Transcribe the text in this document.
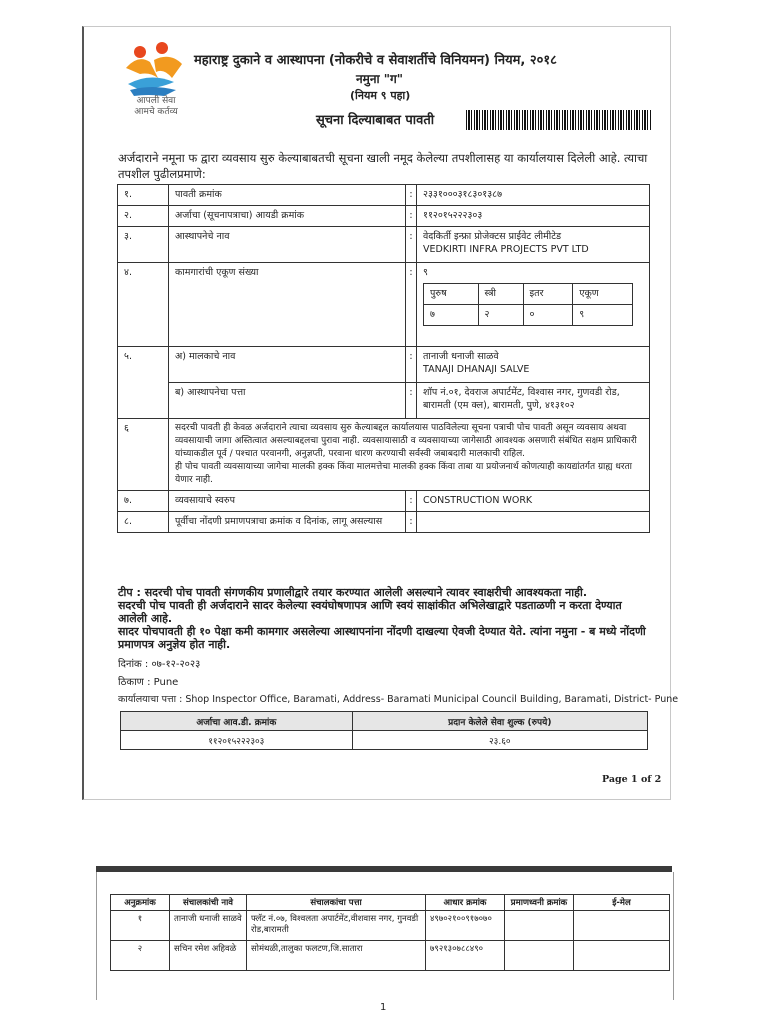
आपली सेवा
आमचे कर्तव्य
महाराष्ट्र दुकाने व आस्थापना (नोकरीचे व सेवाशर्तीचे विनियमन) नियम, २०१८
नमुना "ग"
(नियम ९ पहा)
सूचना दिल्याबाबत पावती
अर्जदाराने नमूना फ द्वारा व्यवसाय सुरु केल्याबाबतची सूचना खाली नमूद केलेल्या तपशीलासह या कार्यालयास दिलेली आहे. त्याचा तपशील पुढीलप्रमाणे:
१.	पावती क्रमांक	:	२३३१०००३१८३०१३८७
२.	अर्जाचा (सूचनापत्राचा) आयडी क्रमांक	:	११२०१५२२२३०३
३.	आस्थापनेचे नाव	:	वेदकिर्ती इन्फ्रा प्रोजेक्टस प्राईवेट लीमीटेड
VEDKIRTI INFRA PROJECTS PVT LTD

४.	कामगारांची एकूण संख्या	:	९
पुरुष	स्त्री	इतर	एकूण
७	२	०	९

५.	अ) मालकाचे नाव	:	तानाजी धनाजी साळवे
TANAJI DHANAJI SALVE

ब) आस्थापनेचा पत्ता	:	शॉप नं.०१, देवराज अपार्टमेंट, विश्वास नगर, गुणवडी रोड, बारामती (एम क्ल), बारामती, पुणे, ४१३१०२
६	सदरची पावती ही केवळ अर्जदाराने त्याचा व्यवसाय सुरु केल्याबद्दल कार्यालयास पाठविलेल्या सूचना पत्राची पोच पावती असून व्यवसाय अथवा व्यवसायाची जागा अस्तित्वात असल्याबद्दलचा पुरावा नाही. व्यवसायासाठी व व्यवसायाच्या जागेसाठी आवश्यक असणारी संबंधित सक्षम प्राधिकारी यांच्याकडील पूर्व / पश्चात परवानगी, अनुज्ञप्ती, परवाना धारण करण्याची सर्वस्वी जबाबदारी मालकाची राहिल.
ही पोच पावती व्यवसायाच्या जागेचा मालकी हक्क किंवा मालमत्तेचा मालकी हक्क किंवा ताबा या प्रयोजनार्थ कोणत्याही कायद्यांतर्गत ग्राह्य धरता येणार नाही.

७.	व्यवसायाचे स्वरुप	:	CONSTRUCTION WORK
८.	पूर्वीचा नोंदणी प्रमाणपत्राचा क्रमांक व दिनांक, लागू असल्यास	:	
टीप : सदरची पोच पावती संगणकीय प्रणालीद्वारे तयार करण्यात आलेली असल्याने त्यावर स्वाक्षरीची आवश्यकता नाही.
सदरची पोच पावती ही अर्जदाराने सादर केलेल्या स्वयंघोषणापत्र आणि स्वयं साक्षांकीत अभिलेखाद्वारे पडताळणी न करता देण्यात आलेली आहे.
सादर पोचपावती ही १० पेक्षा कमी कामगार असलेल्या आस्थापनांना नोंदणी दाखल्या ऐवजी देण्यात येते. त्यांना नमुना - ब मध्ये नोंदणी प्रमाणपत्र अनुज्ञेय होत नाही.
दिनांक : ०७-१२-२०२३
ठिकाण : Pune
कार्यालयाचा पत्ता : Shop Inspector Office, Baramati, Address- Baramati Municipal Council Building, Baramati, District- Pune
अर्जाचा आव.डी. क्रमांक	प्रदान केलेले सेवा शुल्क (रुपये)
११२०१५२२२३०३	२३.६०
Page 1 of 2
अनुक्रमांक	संचालकांची नावे	संचालकांचा पत्ता	आधार क्रमांक	प्रमाणध्वनी क्रमांक	ई-मेल
१	तानाजी धनाजी साळवे	फ्लॅट नं.०७, विश्वलता अपार्टमेंट,वीशवास नगर, गुनवडी रोड,बारामती	४९७०२१००९१७०७०		
२	सचिन रमेश अहिवळे	सोमंथळी,तालुका फलटण,जि.सातारा	७९२१३०७८८४९०		
1
